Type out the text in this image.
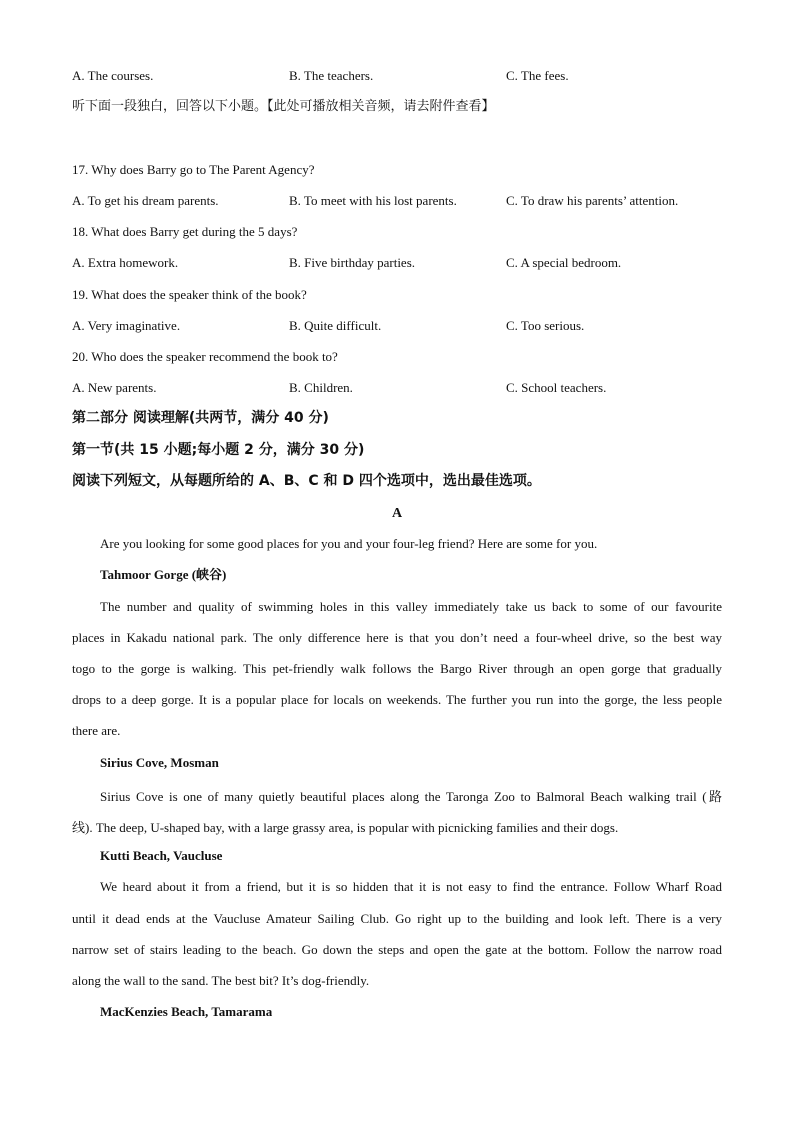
A. The courses.	B. The teachers.	C. The fees.
听下面一段独白，回答以下小题。【此处可播放相关音频，请去附件查看】
17. Why does Barry go to The Parent Agency?
A. To get his dream parents.	B. To meet with his lost parents.	C. To draw his parents’ attention.
18. What does Barry get during the 5 days?
A. Extra homework.	B. Five birthday parties.	C. A special bedroom.
19. What does the speaker think of the book?
A. Very imaginative.	B. Quite difficult.	C. Too serious.
20. Who does the speaker recommend the book to?
A. New parents.	B. Children.	C. School teachers.
第二部分 阅读理解(共两节，满分 40 分)
第一节(共 15 小题;每小题 2 分，满分 30 分)
阅读下列短文，从每题所给的 A、B、C 和 D 四个选项中，选出最佳选项。
A
Are you looking for some good places for you and your four-leg friend? Here are some for you.
Tahmoor Gorge (峡谷)
The number and quality of swimming holes in this valley immediately take us back to some of our favourite
places in Kakadu national park. The only difference here is that you don’t need a four-wheel drive, so the best way
togo to the gorge is walking. This pet-friendly walk follows the Bargo River through an open gorge that gradually
drops to a deep gorge. It is a popular place for locals on weekends. The further you run into the gorge, the less people
there are.
Sirius Cove, Mosman
Sirius Cove is one of many quietly beautiful places along the Taronga Zoo to Balmoral Beach walking trail (路
线). The deep, U-shaped bay, with a large grassy area, is popular with picnicking families and their dogs.
Kutti Beach, Vaucluse
We heard about it from a friend, but it is so hidden that it is not easy to find the entrance. Follow Wharf Road
until it dead ends at the Vaucluse Amateur Sailing Club. Go right up to the building and look left. There is a very
narrow set of stairs leading to the beach. Go down the steps and open the gate at the bottom. Follow the narrow road
along the wall to the sand. The best bit? It’s dog-friendly.
MacKenzies Beach, Tamarama
